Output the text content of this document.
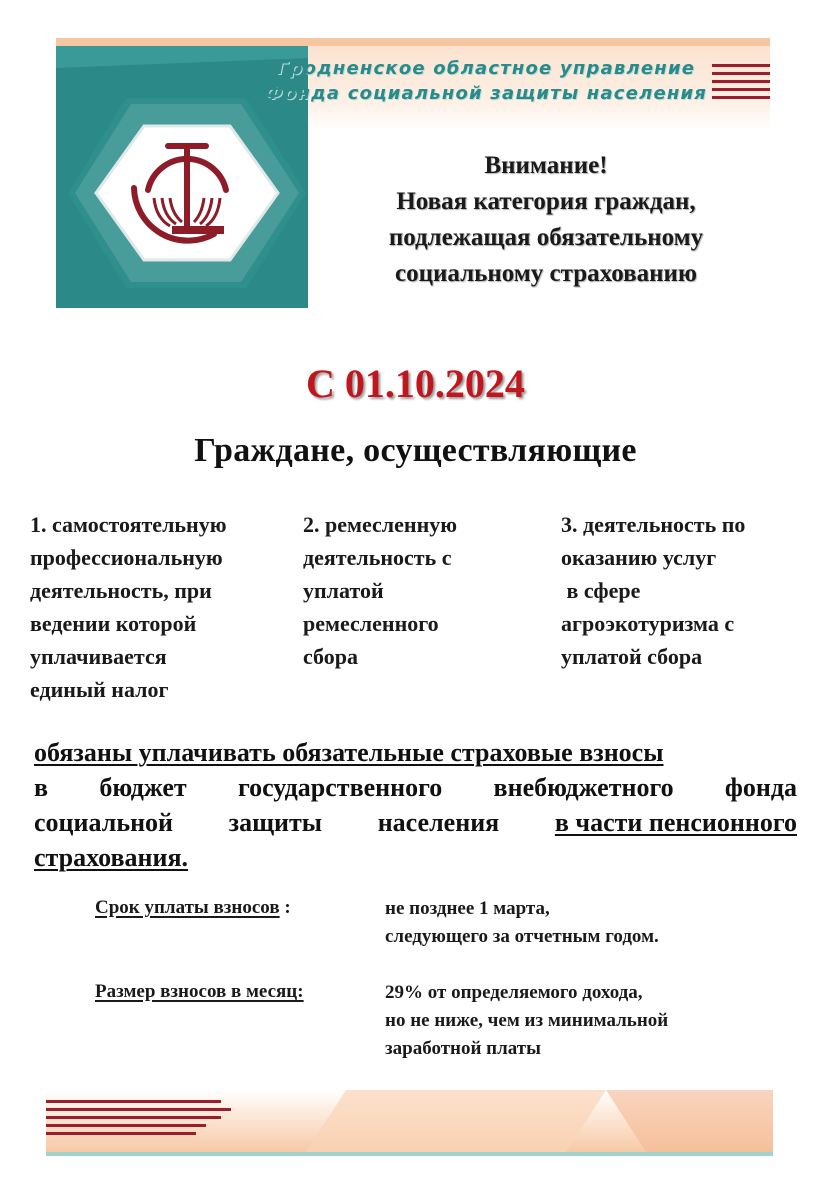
Гродненское областное управление
Фонда социальной защиты населения
Внимание!
Новая категория граждан,
подлежащая обязательному
социальному страхованию
С 01.10.2024
Граждане, осуществляющие
1. самостоятельную
профессиональную
деятельность, при
ведении которой
уплачивается
единый налог
2. ремесленную
деятельность с
уплатой
ремесленного
сбора
3. деятельность по
оказанию услуг
в сфере
агроэкотуризма с
уплатой сбора
обязаны уплачивать обязательные страховые взносы
в бюджет государственного внебюджетного фонда
социальной защиты населения в части пенсионного
страхования.
Срок уплаты взносов :	не позднее 1 марта,
следующего за отчетным годом.
Размер взносов в месяц:	29% от определяемого дохода,
но не ниже, чем из минимальной
заработной платы
